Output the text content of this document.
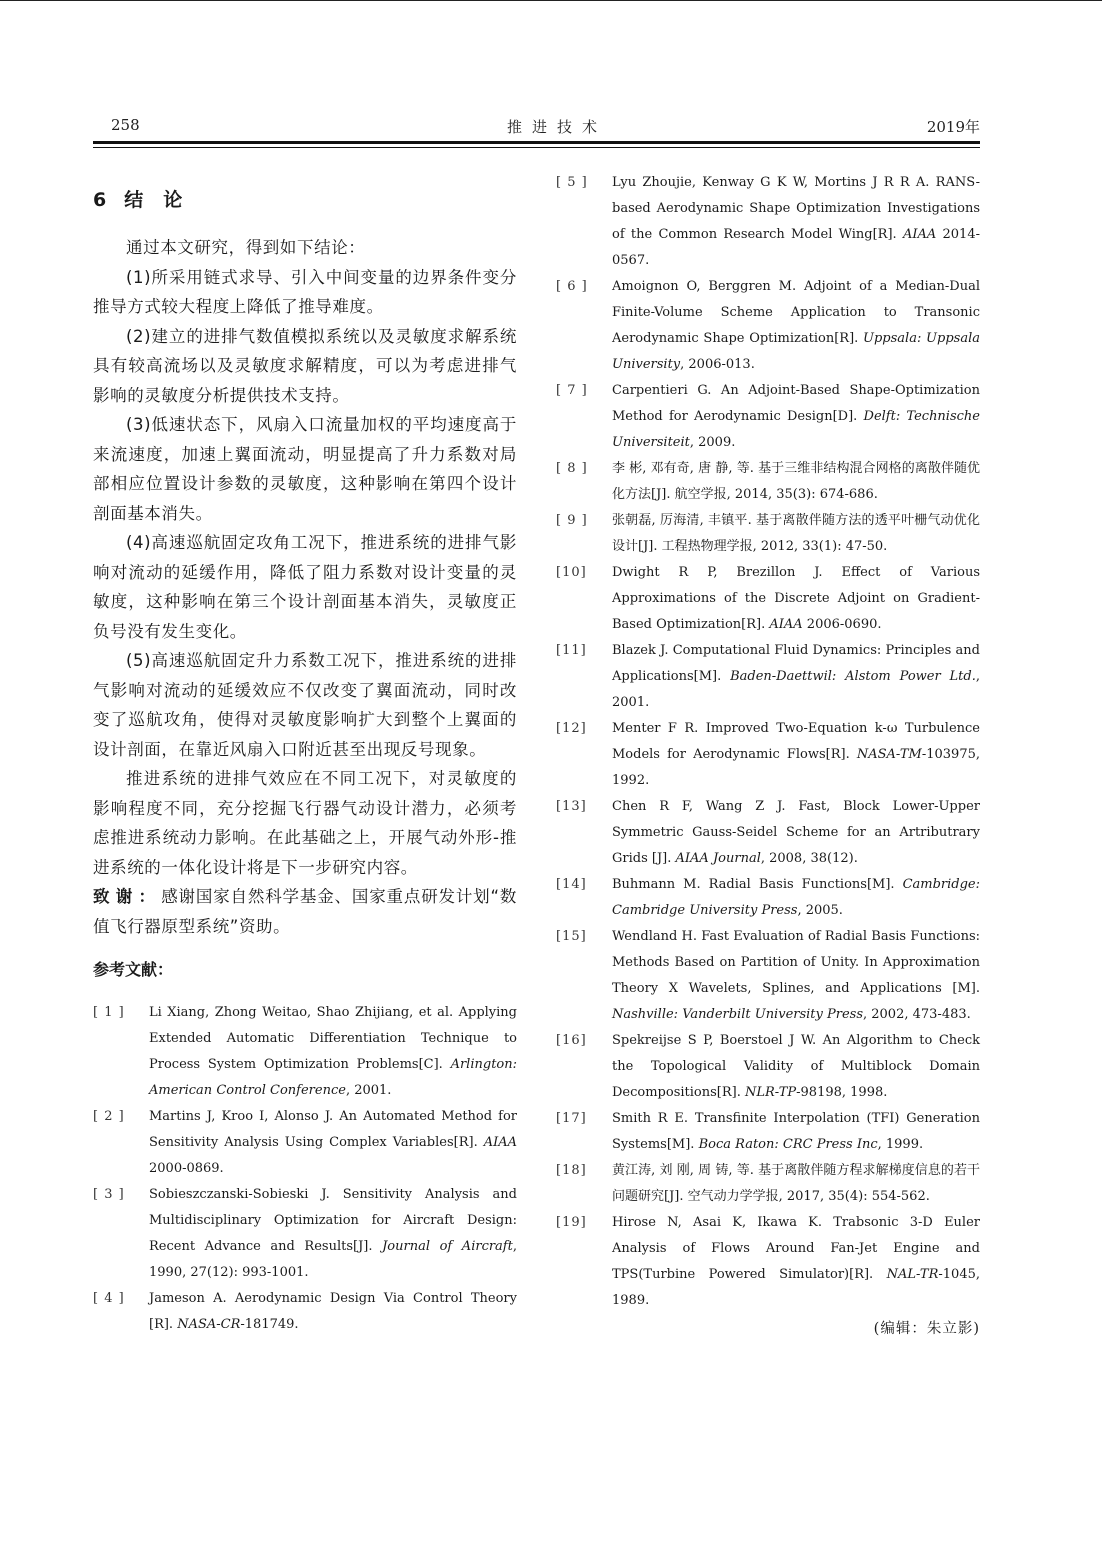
258	推进技术	2019年
6 结论

通过本文研究，得到如下结论：

(1)所采用链式求导、引入中间变量的边界条件变分推导方式较大程度上降低了推导难度。

(2)建立的进排气数值模拟系统以及灵敏度求解系统具有较高流场以及灵敏度求解精度，可以为考虑进排气影响的灵敏度分析提供技术支持。

(3)低速状态下，风扇入口流量加权的平均速度高于来流速度，加速上翼面流动，明显提高了升力系数对局部相应位置设计参数的灵敏度，这种影响在第四个设计剖面基本消失。

(4)高速巡航固定攻角工况下，推进系统的进排气影响对流动的延缓作用，降低了阻力系数对设计变量的灵敏度，这种影响在第三个设计剖面基本消失，灵敏度正负号没有发生变化。

(5)高速巡航固定升力系数工况下，推进系统的进排气影响对流动的延缓效应不仅改变了翼面流动，同时改变了巡航攻角，使得对灵敏度影响扩大到整个上翼面的设计剖面，在靠近风扇入口附近甚至出现反号现象。

推进系统的进排气效应在不同工况下，对灵敏度的影响程度不同，充分挖掘飞行器气动设计潜力，必须考虑推进系统动力影响。在此基础之上，开展气动外形-推进系统的一体化设计将是下一步研究内容。

致谢：感谢国家自然科学基金、国家重点研发计划“数值飞行器原型系统”资助。

参考文献：
[ 1 ]	Li Xiang, Zhong Weitao, Shao Zhijiang, et al. Applying Extended Automatic Differentiation Technique to Process System Optimization Problems[C]. Arlington: American Control Conference, 2001.
[ 2 ]	Martins J, Kroo I, Alonso J. An Automated Method for Sensitivity Analysis Using Complex Variables[R]. AIAA 2000-0869.
[ 3 ]	Sobieszczanski-Sobieski J. Sensitivity Analysis and Multidisciplinary Optimization for Aircraft Design: Recent Advance and Results[J]. Journal of Aircraft, 1990, 27(12): 993-1001.
[ 4 ]	Jameson A. Aerodynamic Design Via Control Theory [R]. NASA-CR-181749.
[ 5 ]	Lyu Zhoujie, Kenway G K W, Mortins J R R A. RANS-based Aerodynamic Shape Optimization Investigations of the Common Research Model Wing[R]. AIAA 2014-0567.
[ 6 ]	Amoignon O, Berggren M. Adjoint of a Median-Dual Finite-Volume Scheme Application to Transonic Aerodynamic Shape Optimization[R]. Uppsala: Uppsala University, 2006-013.
[ 7 ]	Carpentieri G. An Adjoint-Based Shape-Optimization Method for Aerodynamic Design[D]. Delft: Technische Universiteit, 2009.
[ 8 ]	李 彬, 邓有奇, 唐 静, 等. 基于三维非结构混合网格的离散伴随优化方法[J]. 航空学报, 2014, 35(3): 674-686.
[ 9 ]	张朝磊, 厉海清, 丰镇平. 基于离散伴随方法的透平叶栅气动优化设计[J]. 工程热物理学报, 2012, 33(1): 47-50.
[10]	Dwight R P, Brezillon J. Effect of Various Approximations of the Discrete Adjoint on Gradient-Based Optimization[R]. AIAA 2006-0690.
[11]	Blazek J. Computational Fluid Dynamics: Principles and Applications[M]. Baden-Daettwil: Alstom Power Ltd., 2001.
[12]	Menter F R. Improved Two-Equation k-ω Turbulence Models for Aerodynamic Flows[R]. NASA-TM-103975, 1992.
[13]	Chen R F, Wang Z J. Fast, Block Lower-Upper Symmetric Gauss-Seidel Scheme for an Artributrary Grids [J]. AIAA Journal, 2008, 38(12).
[14]	Buhmann M. Radial Basis Functions[M]. Cambridge: Cambridge University Press, 2005.
[15]	Wendland H. Fast Evaluation of Radial Basis Functions: Methods Based on Partition of Unity. In Approximation Theory X Wavelets, Splines, and Applications [M]. Nashville: Vanderbilt University Press, 2002, 473-483.
[16]	Spekreijse S P, Boerstoel J W. An Algorithm to Check the Topological Validity of Multiblock Domain Decompositions[R]. NLR-TP-98198, 1998.
[17]	Smith R E. Transfinite Interpolation (TFI) Generation Systems[M]. Boca Raton: CRC Press Inc, 1999.
[18]	黄江涛, 刘 刚, 周 铸, 等. 基于离散伴随方程求解梯度信息的若干问题研究[J]. 空气动力学学报, 2017, 35(4): 554-562.
[19]	Hirose N, Asai K, Ikawa K. Trabsonic 3-D Euler Analysis of Flows Around Fan-Jet Engine and TPS(Turbine Powered Simulator)[R]. NAL-TR-1045, 1989.
(编辑：朱立影)
